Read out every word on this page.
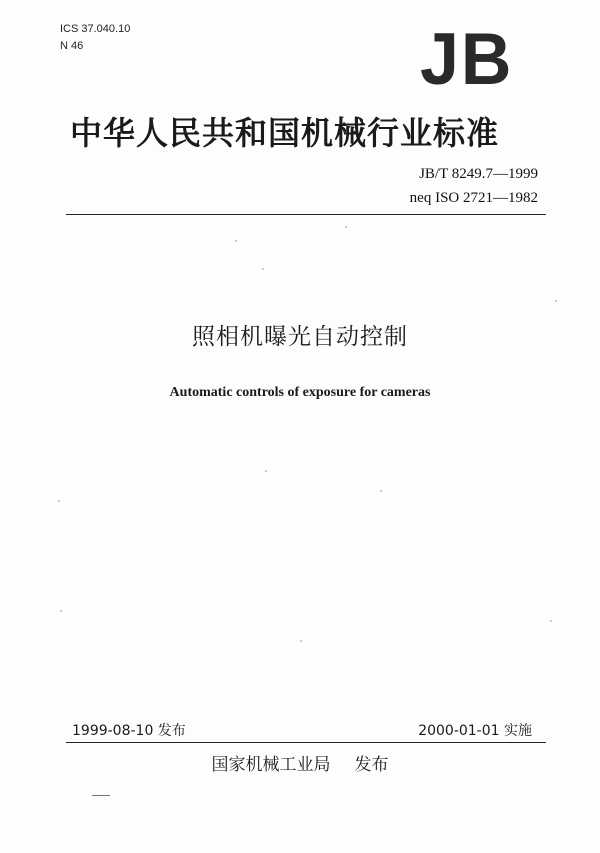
ICS 37.040.10
N 46	JB
中华人民共和国机械行业标准
JB/T 8249.7—1999
neq ISO 2721—1982
照相机曝光自动控制
Automatic controls of exposure for cameras
1999-08-10 发布	2000-01-01 实施
国家机械工业局 发布
